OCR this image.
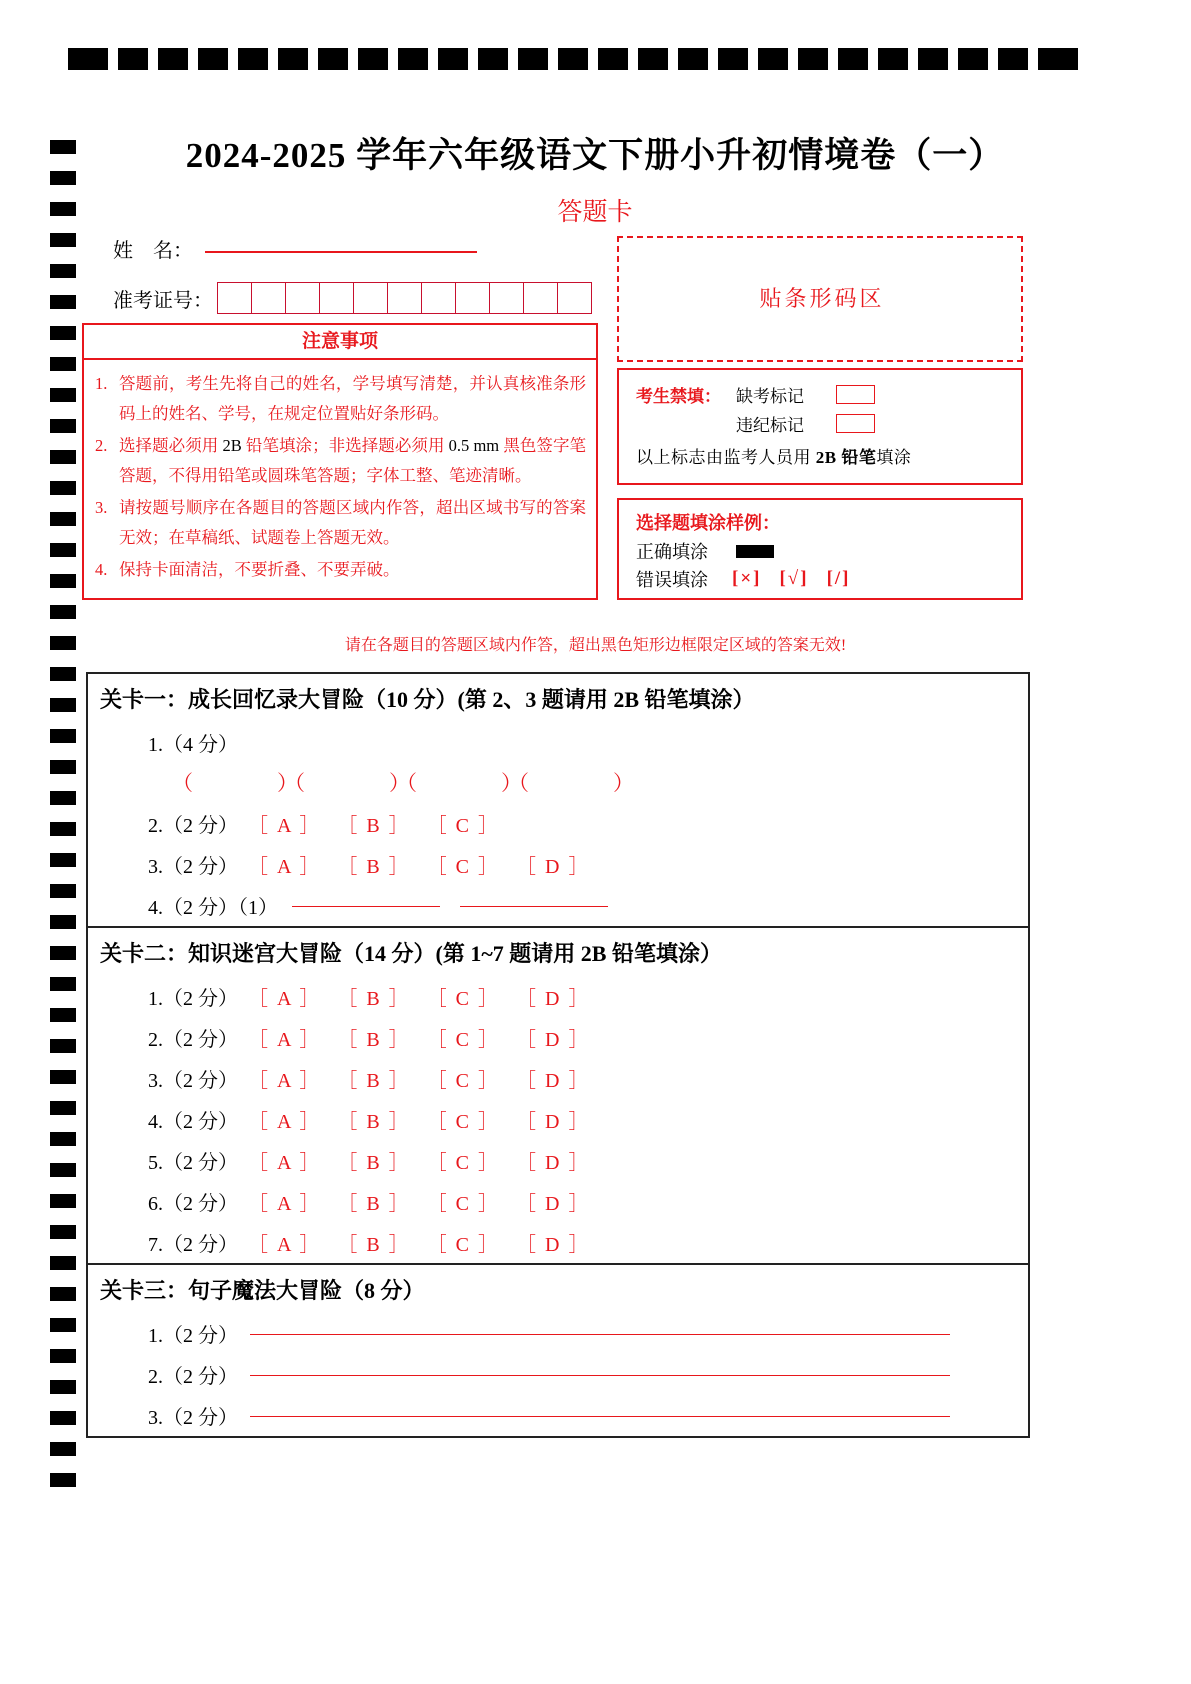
2024-2025 学年六年级语文下册小升初情境卷（一）
答题卡
姓　名：
准考证号：
注意事项
1. 答题前，考生先将自己的姓名，学号填写清楚，并认真核准条形码上的姓名、学号，在规定位置贴好条形码。
2. 选择题必须用 2B 铅笔填涂；非选择题必须用 0.5 mm 黑色签字笔答题，不得用铅笔或圆珠笔答题；字体工整、笔迹清晰。
3. 请按题号顺序在各题目的答题区域内作答，超出区域书写的答案无效；在草稿纸、试题卷上答题无效。
4. 保持卡面清洁，不要折叠、不要弄破。
贴条形码区
考生禁填： 缺考标记
违纪标记
以上标志由监考人员用 2B 铅笔填涂
选择题填涂样例：
正确填涂
错误填涂	[×] [√] [/]
请在各题目的答题区域内作答，超出黑色矩形边框限定区域的答案无效!
关卡一：成长回忆录大冒险（10 分）(第 2、3 题请用 2B 铅笔填涂）
1.（4 分）
（　　　　）（　　　　）（　　　　）（　　　　）
2.（2 分） ［ A ］ ［ B ］ ［ C ］
3.（2 分） ［ A ］ ［ B ］ ［ C ］ ［ D ］
4.（2 分）（1）
关卡二：知识迷宫大冒险（14 分）(第 1~7 题请用 2B 铅笔填涂）
1.（2 分） ［ A ］ ［ B ］ ［ C ］ ［ D ］
2.（2 分） ［ A ］ ［ B ］ ［ C ］ ［ D ］
3.（2 分） ［ A ］ ［ B ］ ［ C ］ ［ D ］
4.（2 分） ［ A ］ ［ B ］ ［ C ］ ［ D ］
5.（2 分） ［ A ］ ［ B ］ ［ C ］ ［ D ］
6.（2 分） ［ A ］ ［ B ］ ［ C ］ ［ D ］
7.（2 分） ［ A ］ ［ B ］ ［ C ］ ［ D ］
关卡三：句子魔法大冒险（8 分）
1.（2 分）
2.（2 分）
3.（2 分）
